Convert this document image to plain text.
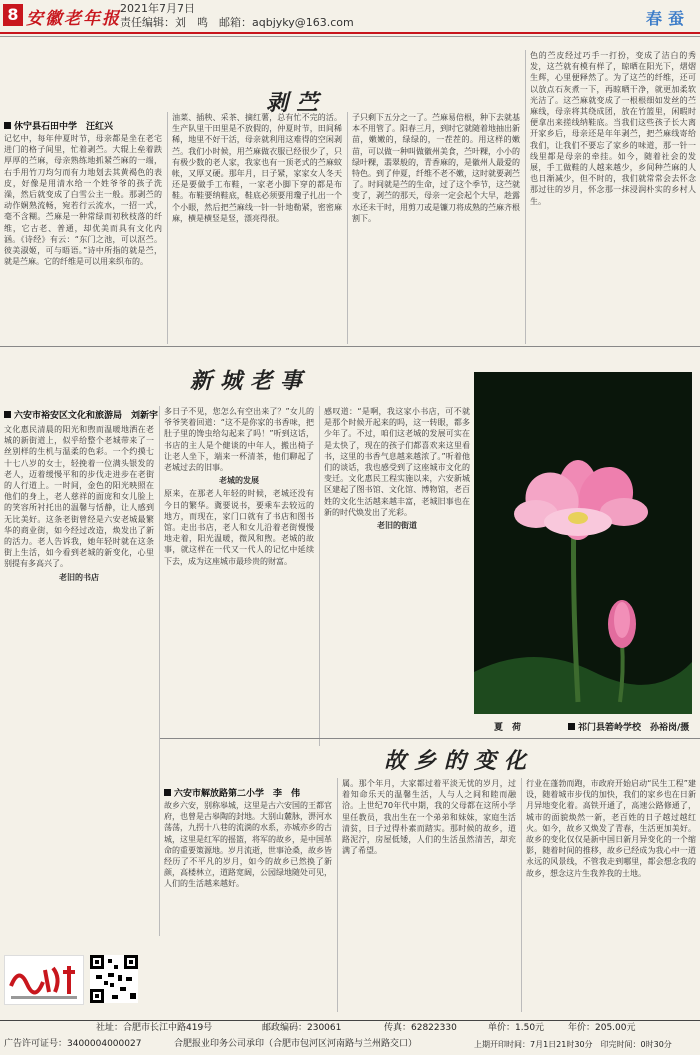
8 安徽老年报
2021年7月7日
责任编辑：刘　鸣　邮箱：aqbjyky@163.com	春蚕
剥苎
休宁县石田中学　汪红兴
记忆中，每年仲夏时节，母亲都是坐在老宅进门的格子间里，忙着剥苎。大辊上垒着跌厚厚的苎麻，母亲熟练地抓紧苎麻的一端，右手用竹刀均匀而有力地划去其黄褐色的表皮，好像是用清水给一个姓爷爷的孩子洗澡，然后就变成了白雪公主一般。那剥苎的动作娴熟流畅，宛若行云流水，一招一式，毫不含糊。苎麻是一种常绿而初秋枝落的纤维，它古老、普通，却优美而具有文化内涵。《诗经》有云：“东门之池，可以沤苎。彼美淑姬，可与晤语。”诗中所指的就是苎，就是苎麻。它的纤维是可以用来织布的。
油菜、插秧、采茶、摘红薯，总有忙不完的活。生产队里干田里是不放假的，仲夏时节，田间稀稀，地里不好干活，母亲就利用这难得的空闲剥苎。我们小时候，用苎麻做衣服已经很少了，只有极少数的老人家，我家也有一顶老式的苎麻蚊帐，又厚又硬。那年月，日子紧，家家女人冬天还是要做手工布鞋，一家老小脚下穿的都是布鞋。布鞋要纳鞋底，鞋底必须要用瓊子扎出一个个小眼，然后把苎麻线一针一针地勒紧，密密麻麻，横是横竖是竖，漂亮得很。
子只剩下五分之一了。苎麻易倍根，种下去就基本不用管了。阳春三月，到时它就随着地抽出新苗，嫩嫩的，绿绿的，一茬茬的。用这样的嫩苗，可以做一种叫做徽州美食，苎叶粿，小小的绿叶粿，翡翠般的，青香麻的，是徽州人最爱的特色。到了仲夏，纤维不老不嫩，这时就要剥苎了。时间就是苎的生命，过了这个季节，这苎就变了，剥苎的那天，母亲一定会起个大早，趁露水还未干时，用剪刀或是镰刀将成熟的苎麻齐根割下。
色的苎皮经过巧手一打扮，变成了洁白的秀发，这苎就有模有样了，晾晒在阳光下，熠熠生辉，心里便释然了。为了这苎的纤维，还可以放点石灰煮一下，再晾晒干净，就更加柔软光洁了。这苎麻就变成了一根根细如发丝的苎麻线，母亲将其绕成团，放在竹篮里，闲暇时便拿出来搓线纳鞋底。当我们这些孩子长大离开家乡后，母亲还是年年剥苎，把苎麻线寄给我们，让我们不要忘了家乡的味道，那一针一线里都是母亲的牵挂。如今，随着社会的发展，手工做鞋的人越来越少，乡间种苎麻的人也日渐减少，但不时的，我们就常常会去怀念那过往的岁月，怀念那一抹浸润朴实的乡村人生。
新城老事
六安市裕安区文化和旅游局　刘新宇
文化惠民清晨的阳光和煦而温暖地洒在老城的新街道上，似乎给整个老城带来了一丝别样的生机与温柔的色彩。一个约摸七十七八岁的女士，轻挽着一位满头银发的老人，迈着缓慢平和的步伐走进步在老街的人行道上。一时间，金色的阳光映照在他们的身上，老人慈祥的面庞和女儿脸上的笑容所衬托出的温馨与恬静，让人感到无比美好。这条老街曾经是六安老城最繁华的商业街，如今经过改造，焕发出了新的活力。老人告诉我，她年轻时就在这条街上生活，如今看到老城的新变化，心里别提有多高兴了。
老旧的书店
多日子不见，您怎么有空出来了？”女儿的爷爷笑着回道：“这不是你家的书香味，把肚子里的馋虫给勾起来了吗！”听到这话，书店的主人是个健谈的中年人，搬出椅子让老人坐下，端来一杯清茶，他们聊起了老城过去的旧事。
老城的发展
原来，在那老人年轻的时候，老城还没有今日的繁华。冀要说书，要乘车去较远的地方，而现在，家门口就有了书店和图书馆。走出书店，老人和女儿沿着老街慢慢地走着，阳光温暖，微风和煦。老城的故事，就这样在一代又一代人的记忆中延续下去，成为这座城市最珍贵的财富。
感叹道：“是啊，我这家小书店，可不就是那个时候开起来的吗，这一转眼，都多少年了。不过，咱们这老城的发展可实在是太快了，现在的孩子们都喜欢来这里看书，这里的书香气息越来越浓了。”听着他们的谈话，我也感受到了这座城市文化的变迁。文化惠民工程实施以来，六安新城区建起了图书馆、文化馆、博物馆，老百姓的文化生活越来越丰富，老城旧事也在新的时代焕发出了光彩。
老旧的街道
夏　荷	祁门县箬岭学校　孙裕岗/摄
故乡的变化
六安市解放路第二小学　李　伟
故乡六安，别称皋城，这里是古六安国的王都官府，也曾是古皋陶的封地。大别山麓脉，淠河水荡荡，九拐十八巷的流淌的水系，亦城亦乡的古城，这里是红军的摇篮，将军的故乡，是中国革命的重要策源地。岁月流逝，世事沧桑，故乡皆经历了不平凡的岁月，如今的故乡已然换了新颜，高楼林立，道路宽阔，公园绿地随处可见，人们的生活越来越好。
属。那个年月，大家都过着平淡无忧的岁月，过着知命乐天的温馨生活，人与人之间和睦而融洽。上世纪70年代中期，我的父母都在这所小学里任教员，我出生在一个弟弟和妹妹，家庭生活清贫，日子过得朴素而踏实。那时候的故乡，道路泥泞，房屋低矮，人们的生活虽然清苦，却充满了希望。
行业在蓬勃而跑，市政府开始启动“民生工程”建设，随着城市步伐的加快，我们的家乡也在日新月异地变化着。高铁开通了，高速公路修通了，城市的面貌焕然一新，老百姓的日子越过越红火。如今，故乡又焕发了青春，生活更加美好。故乡的变化仅仅是新中国日新月异变化的一个缩影，随着时间的推移，故乡已经成为我心中一道永远的风景线，不管我走到哪里，都会想念我的故乡，想念这片生我养我的土地。
社址：合肥市长江中路419号	邮政编码：230061	传真：62822330	单价：1.50元	年价：205.00元
广告许可证号：3400004000027	合肥报业印务公司承印（合肥市包河区河南路与兰州路交口）	上期开印时间：7月1日21时30分　印完时间：0时30分
